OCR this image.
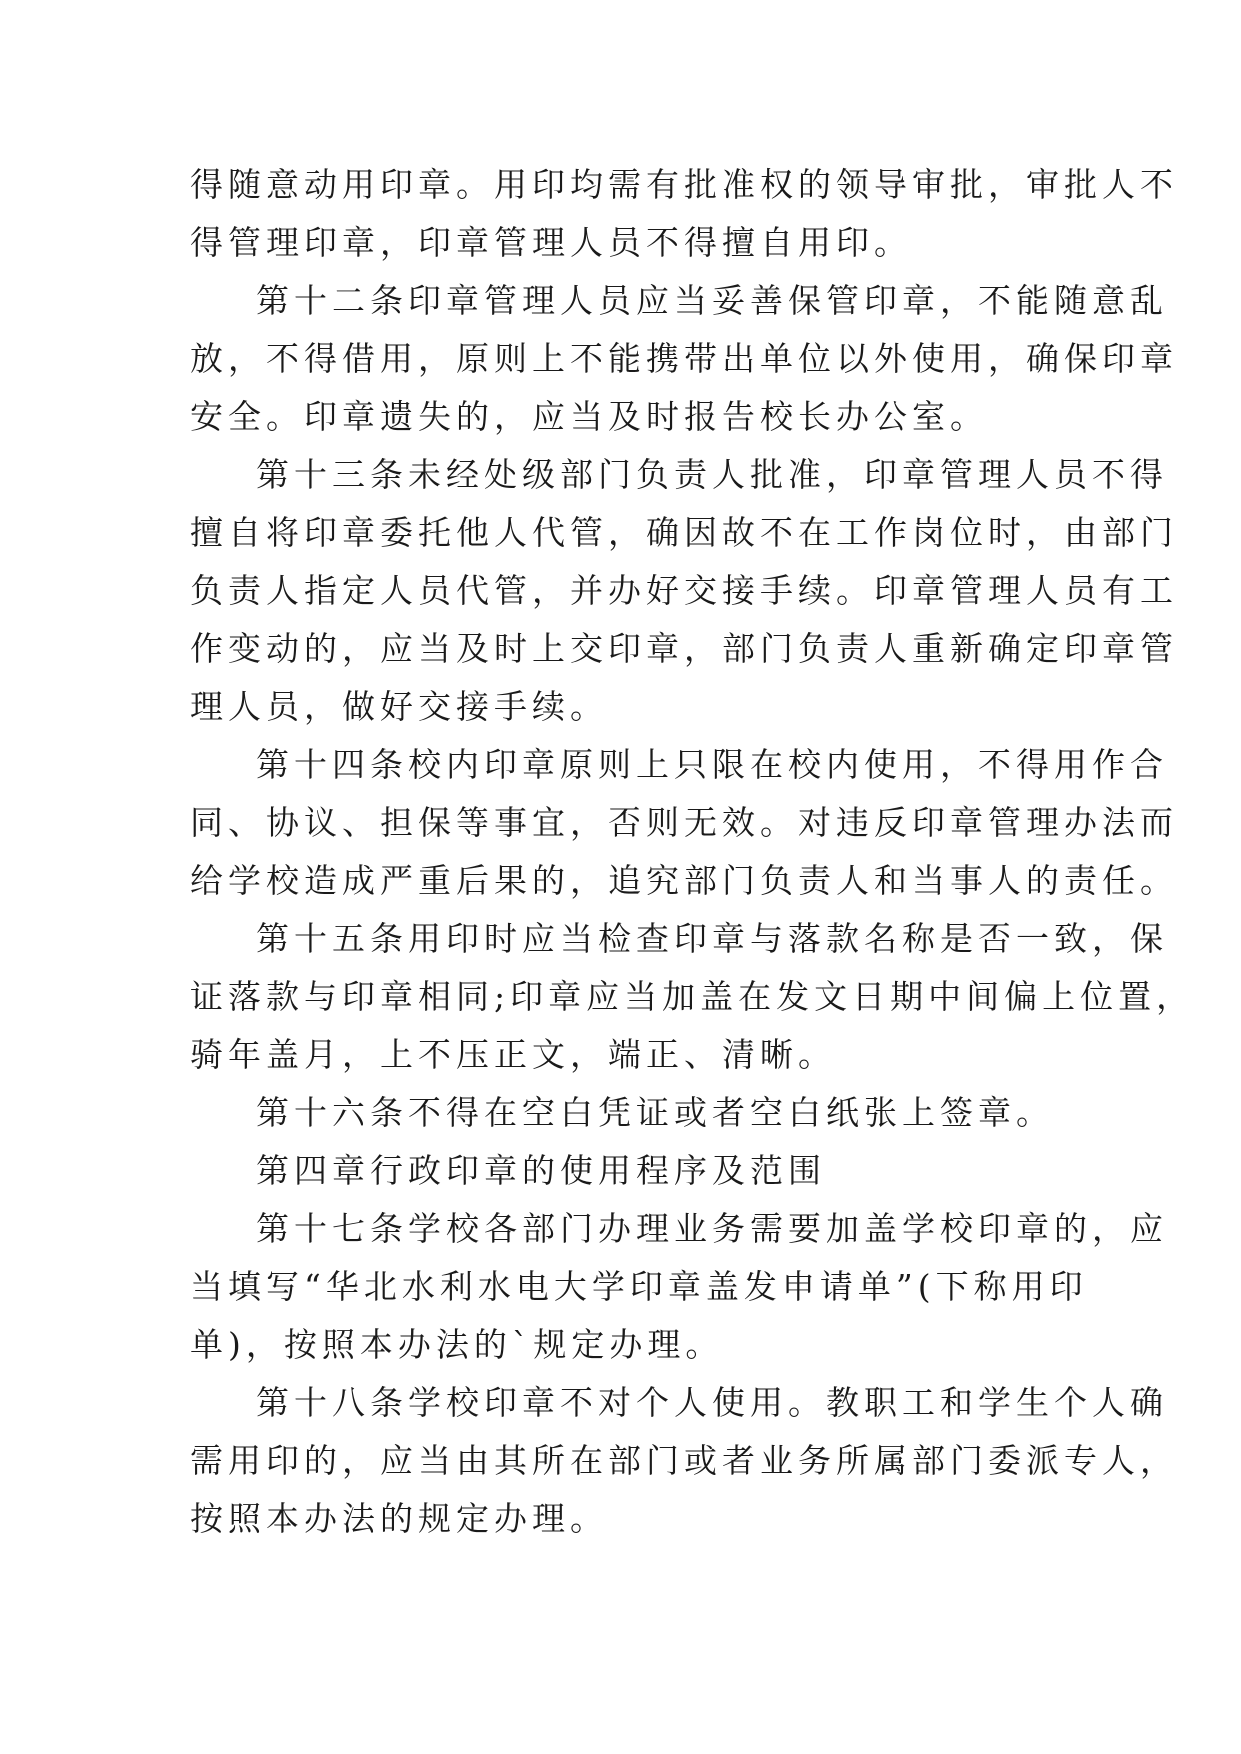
得随意动用印章。用印均需有批准权的领导审批，审批人不
得管理印章，印章管理人员不得擅自用印。

第十二条印章管理人员应当妥善保管印章，不能随意乱
放，不得借用，原则上不能携带出单位以外使用，确保印章
安全。印章遗失的，应当及时报告校长办公室。

第十三条未经处级部门负责人批准，印章管理人员不得
擅自将印章委托他人代管，确因故不在工作岗位时，由部门
负责人指定人员代管，并办好交接手续。印章管理人员有工
作变动的，应当及时上交印章，部门负责人重新确定印章管
理人员，做好交接手续。

第十四条校内印章原则上只限在校内使用，不得用作合
同、协议、担保等事宜，否则无效。对违反印章管理办法而
给学校造成严重后果的，追究部门负责人和当事人的责任。

第十五条用印时应当检查印章与落款名称是否一致，保
证落款与印章相同;印章应当加盖在发文日期中间偏上位置，
骑年盖月，上不压正文，端正、清晰。

第十六条不得在空白凭证或者空白纸张上签章。

第四章行政印章的使用程序及范围

第十七条学校各部门办理业务需要加盖学校印章的，应
当填写“华北水利水电大学印章盖发申请单”(下称用印
单)，按照本办法的`规定办理。

第十八条学校印章不对个人使用。教职工和学生个人确
需用印的，应当由其所在部门或者业务所属部门委派专人，
按照本办法的规定办理。
